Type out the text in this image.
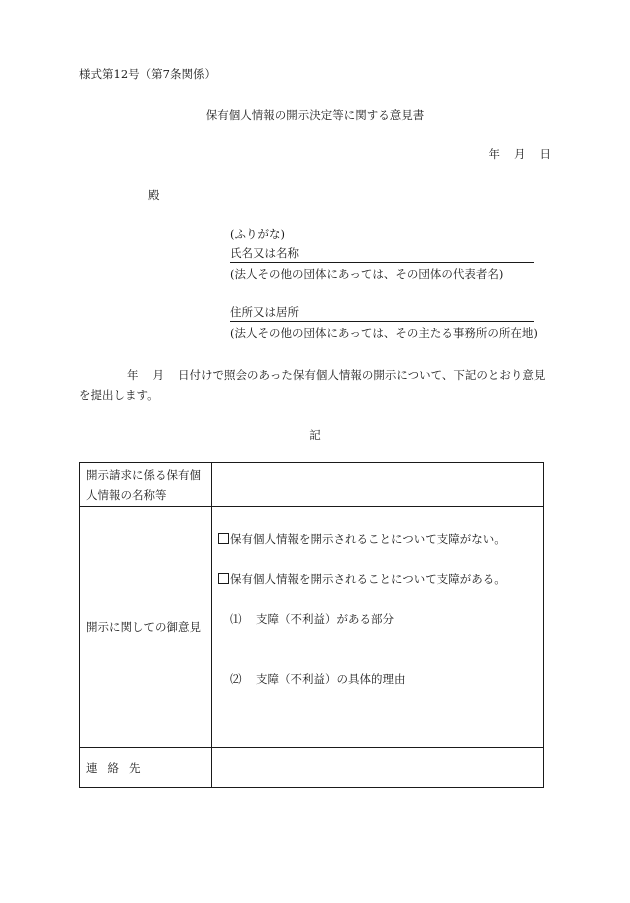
様式第12号（第7条関係）
保有個人情報の開示決定等に関する意見書
年 月 日
殿
(ふりがな)
氏名又は名称
(法人その他の団体にあっては、その団体の代表者名)
住所又は居所
(法人その他の団体にあっては、その主たる事務所の所在地)
年 月 日付けで照会のあった保有個人情報の開示について、下記のとおり意見を提出します。
記
開示請求に係る保有個人情報の名称等	

開示に関しての御意見	保有個人情報を開示されることについて支障がない。
保有個人情報を開示されることについて支障がある。
⑴ 支障（不利益）がある部分
⑵ 支障（不利益）の具体的理由

連絡先	
